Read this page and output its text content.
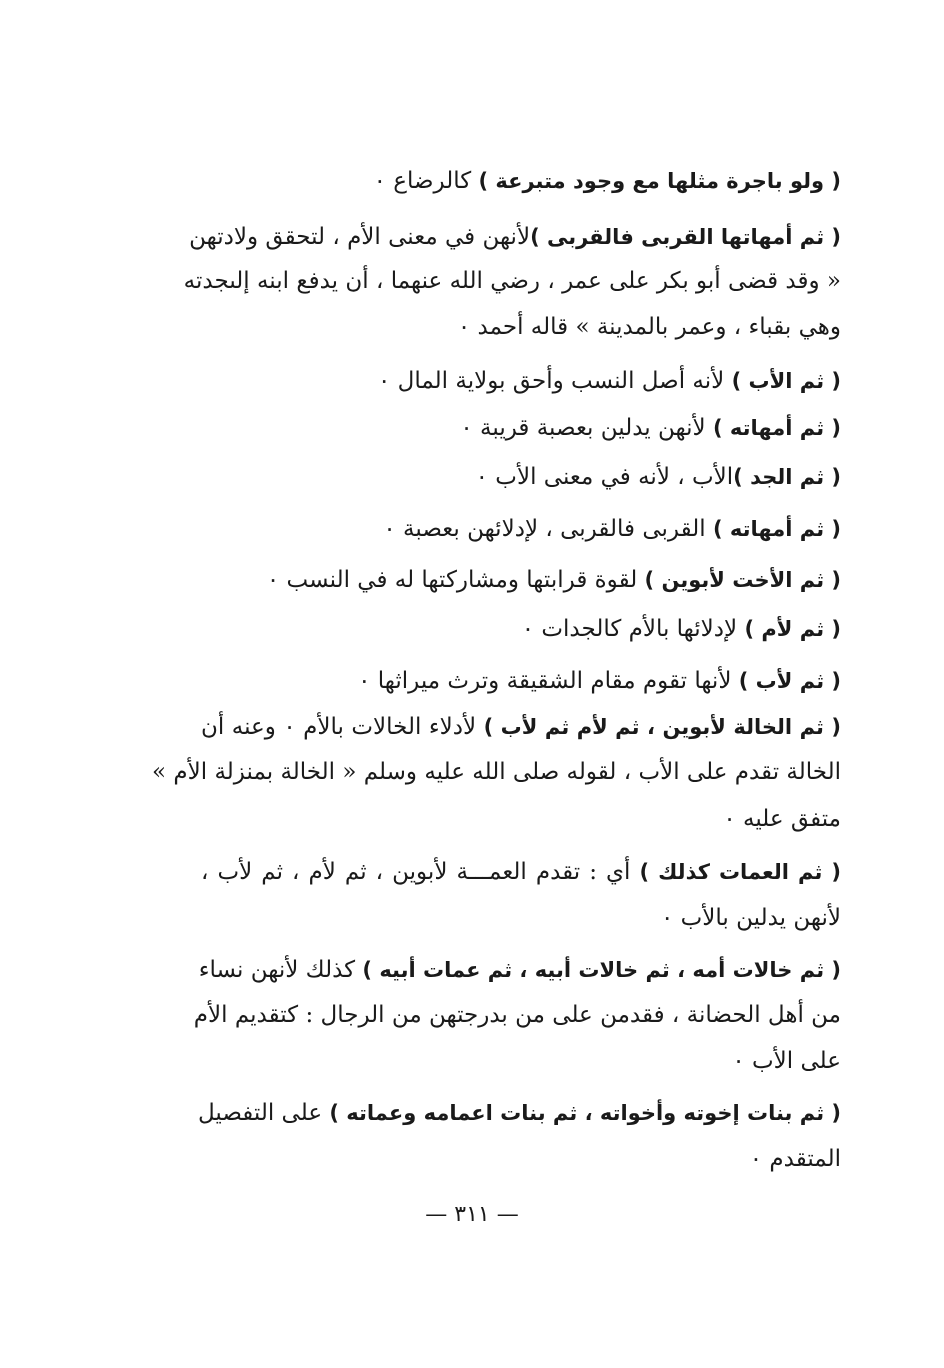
( ولو باجرة مثلها مع وجود متبرعة ) كالرضاع ٠
( ثم أمهاتها القربى فالقربى )لأنهن في معنى الأم ، لتحقق ولادتهن
« وقد قضى أبو بكر على عمر ، رضي الله عنهما ، أن يدفع ابنه إلىجدته
وهي بقباء ، وعمر بالمدينة » قاله أحمد ٠
( ثم الأب ) لأنه أصل النسب وأحق بولاية المال ٠
( ثم أمهاته ) لأنهن يدلين بعصبة قريبة ٠
( ثم الجد )الأب ، لأنه في معنى الأب ٠
( ثم أمهاته ) القربى فالقربى ، لإدلائهن بعصبة ٠
( ثم الأخت لأبوين ) لقوة قرابتها ومشاركتها له في النسب ٠
( ثم لأم ) لإدلائها بالأم كالجدات ٠
( ثم لأب ) لأنها تقوم مقام الشقيقة وترث ميراثها ٠
( ثم الخالة لأبوين ، ثم لأم ثم لأب ) لأدلاء الخالات بالأم ٠ وعنه أن
الخالة تقدم على الأب ، لقوله صلى الله عليه وسلم « الخالة بمنزلة الأم »
متفق عليه ٠
( ثم العمات كذلك ) أي : تقدم العمـــة لأبوين ، ثم لأم ، ثم لأب ،
لأنهن يدلين بالأب ٠
( ثم خالات أمه ، ثم خالات أبيه ، ثم عمات أبيه ) كذلك لأنهن نساء
من أهل الحضانة ، فقدمن على من بدرجتهن من الرجال : كتقديم الأم
على الأب ٠
( ثم بنات إخوته وأخواته ، ثم بنات اعمامه وعماته ) على التفصيل
المتقدم ٠
— ٣١١ —
